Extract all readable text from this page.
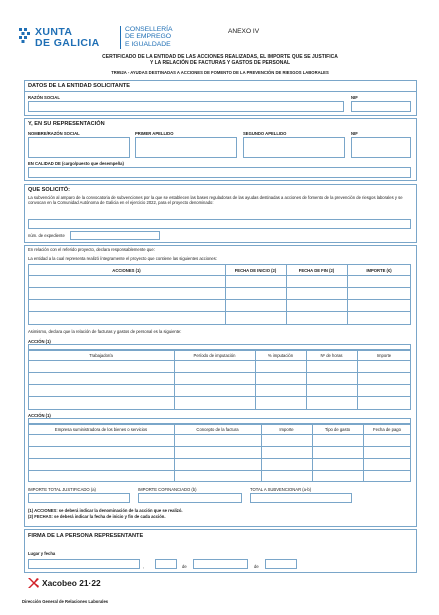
XUNTA
DE GALICIA
CONSELLERÍA
DE EMPREGO
E IGUALDADE
ANEXO IV
CERTIFICADO DE LA ENTIDAD DE LAS ACCIONES REALIZADAS, EL IMPORTE QUE SE JUSTIFICA
Y LA RELACIÓN DE FACTURAS Y GASTOS DE PERSONAL
TR952A - AYUDAS DESTINADAS A ACCIONES DE FOMENTO DE LA PREVENCIÓN DE RIESGOS LABORALES
DATOS DE LA ENTIDAD SOLICITANTE
RAZÓN SOCIAL	NIF
Y, EN SU REPRESENTACIÓN
NOMBRE/RAZÓN SOCIAL	PRIMER APELLIDO	SEGUNDO APELLIDO	NIF
EN CALIDAD DE (cargo/puesto que desempeña)
QUE SOLICITÓ:
La subvención al amparo de la convocatoria de subvenciones por la que se establecen las bases reguladoras de las ayudas destinadas a acciones de fomento de la prevención de riesgos laborales y se convocan en la Comunidad Autónoma de Galicia en el ejercicio 2022, para el proyecto denominado:
núm. de expediente
En relación con el referido proyecto, declara responsablemente que:
La entidad a la cual representa realizó íntegramente el proyecto que contiene las siguientes acciones:
ACCIONES (1)	FECHA DE INICIO (2)	FECHA DE FIN (2)	IMPORTE (€)
Asimismo, declara que la relación de facturas y gastos de personal es la siguiente:
ACCIÓN (1)
Trabajador/a	Período de imputación	% imputación	Nº de horas	Importe
ACCIÓN (1)
Empresa suministradora de los bienes o servicios	Concepto de la factura	Importe	Tipo de gasto	Fecha de pago
IMPORTE TOTAL JUSTIFICADO (a)	IMPORTE COFINANCIADO (b)	TOTAL A SUBVENCIONAR (a-b)
(1) ACCIONES: se deberá indicar la denominación de la acción que se realizó.
(2) FECHAS: se deberá indicar la fecha de inicio y fin de cada acción.
FIRMA DE LA PERSONA REPRESENTANTE
Lugar y fecha
,	de	de
Xacobeo 21·22
Dirección General de Relaciones Laborales
